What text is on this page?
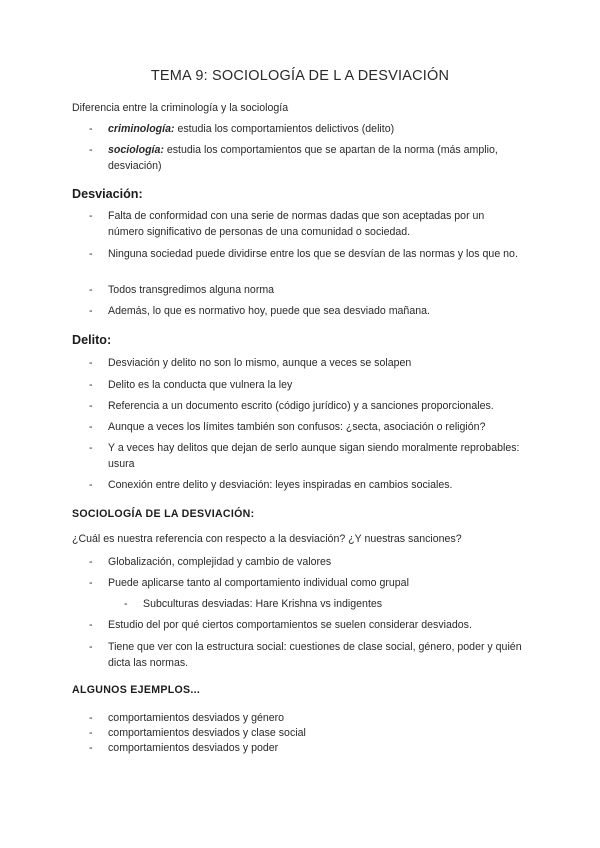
TEMA 9: SOCIOLOGÍA DE L A DESVIACIÓN
Diferencia entre la criminología y la sociología
- criminología: estudia los comportamientos delictivos (delito)
- sociología: estudia los comportamientos que se apartan de la norma (más amplio, desviación)
Desviación:
- Falta de conformidad con una serie de normas dadas que son aceptadas por un número significativo de personas de una comunidad o sociedad.
- Ninguna sociedad puede dividirse entre los que se desvían de las normas y los que no.
- Todos transgredimos alguna norma
- Además, lo que es normativo hoy, puede que sea desviado mañana.
Delito:
- Desviación y delito no son lo mismo, aunque a veces se solapen
- Delito es la conducta que vulnera la ley
- Referencia a un documento escrito (código jurídico) y a sanciones proporcionales.
- Aunque a veces los límites también son confusos: ¿secta, asociación o religión?
- Y a veces hay delitos que dejan de serlo aunque sigan siendo moralmente reprobables: usura
- Conexión entre delito y desviación: leyes inspiradas en cambios sociales.
SOCIOLOGÍA DE LA DESVIACIÓN:
¿Cuál es nuestra referencia con respecto a la desviación? ¿Y nuestras sanciones?
- Globalización, complejidad y cambio de valores
- Puede aplicarse tanto al comportamiento individual como grupal
- Subculturas desviadas: Hare Krishna vs indigentes
- Estudio del por qué ciertos comportamientos se suelen considerar desviados.
- Tiene que ver con la estructura social: cuestiones de clase social, género, poder y quién dicta las normas.
ALGUNOS EJEMPLOS...
- comportamientos desviados y género
- comportamientos desviados y clase social
- comportamientos desviados y poder
